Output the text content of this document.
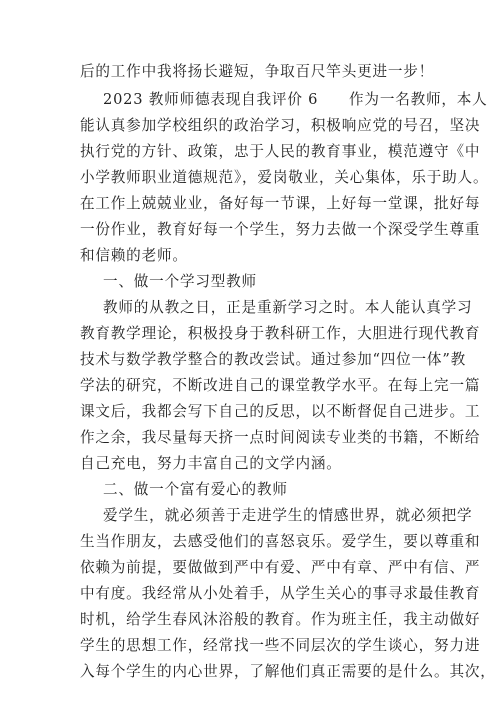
后的工作中我将扬长避短，争取百尺竿头更进一步！
2023 教师师德表现自我评价 6　　作为一名教师，本人
能认真参加学校组织的政治学习，积极响应党的号召，坚决
执行党的方针、政策，忠于人民的教育事业，模范遵守《中
小学教师职业道德规范》，爱岗敬业，关心集体，乐于助人。
在工作上兢兢业业，备好每一节课，上好每一堂课，批好每
一份作业，教育好每一个学生，努力去做一个深受学生尊重
和信赖的老师。
一、做一个学习型教师
教师的从教之日，正是重新学习之时。本人能认真学习
教育教学理论，积极投身于教科研工作，大胆进行现代教育
技术与数学教学整合的教改尝试。通过参加“四位一体”教
学法的研究，不断改进自己的课堂教学水平。在每上完一篇
课文后，我都会写下自己的反思，以不断督促自己进步。工
作之余，我尽量每天挤一点时间阅读专业类的书籍，不断给
自己充电，努力丰富自己的文学内涵。
二、做一个富有爱心的教师
爱学生，就必须善于走进学生的情感世界，就必须把学
生当作朋友，去感受他们的喜怒哀乐。爱学生，要以尊重和
依赖为前提，要做做到严中有爱、严中有章、严中有信、严
中有度。我经常从小处着手，从学生关心的事寻求最佳教育
时机，给学生春风沐浴般的教育。作为班主任，我主动做好
学生的思想工作，经常找一些不同层次的学生谈心，努力进
入每个学生的内心世界，了解他们真正需要的是什么。其次，
